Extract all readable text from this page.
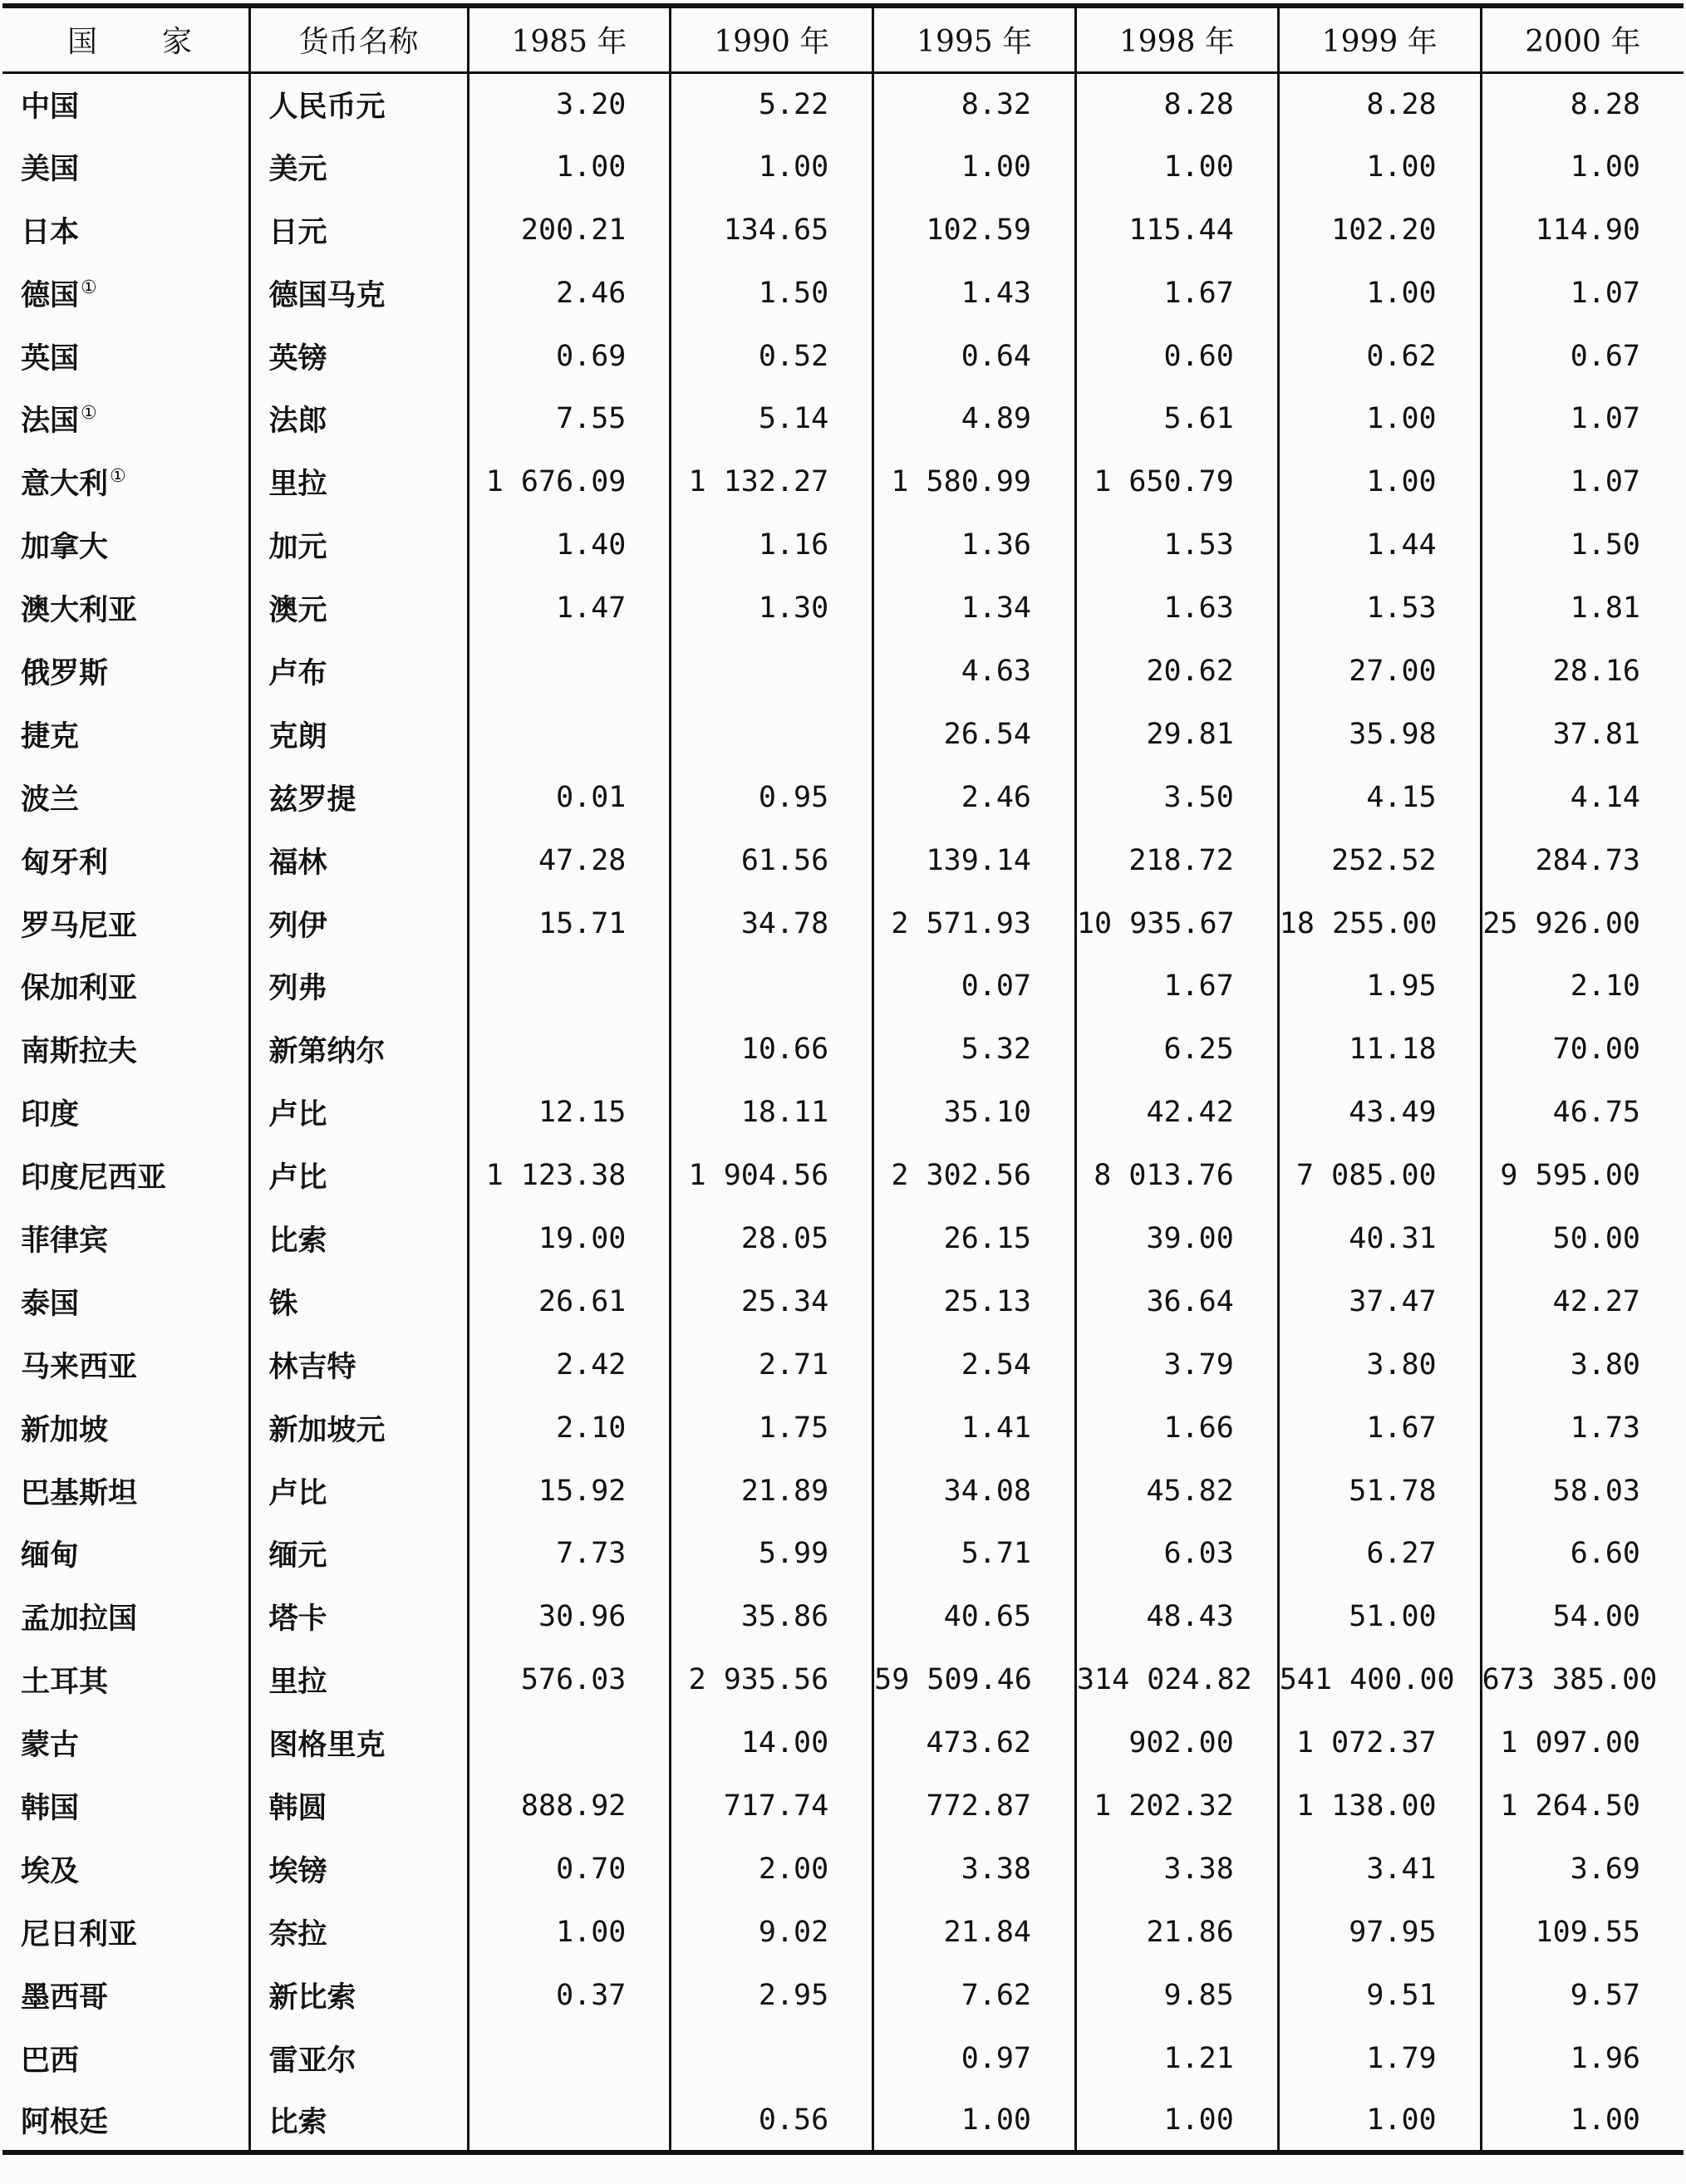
国家	货币名称	1985 年	1990 年	1995 年	1998 年	1999 年	2000 年
中国	人民币元	3.20	5.22	8.32	8.28	8.28	8.28
美国	美元	1.00	1.00	1.00	1.00	1.00	1.00
日本	日元	200.21	134.65	102.59	115.44	102.20	114.90
德国①	德国马克	2.46	1.50	1.43	1.67	1.00	1.07
英国	英镑	0.69	0.52	0.64	0.60	0.62	0.67
法国①	法郎	7.55	5.14	4.89	5.61	1.00	1.07
意大利①	里拉	1 676.09	1 132.27	1 580.99	1 650.79	1.00	1.07
加拿大	加元	1.40	1.16	1.36	1.53	1.44	1.50
澳大利亚	澳元	1.47	1.30	1.34	1.63	1.53	1.81
俄罗斯	卢布			4.63	20.62	27.00	28.16
捷克	克朗			26.54	29.81	35.98	37.81
波兰	兹罗提	0.01	0.95	2.46	3.50	4.15	4.14
匈牙利	福林	47.28	61.56	139.14	218.72	252.52	284.73
罗马尼亚	列伊	15.71	34.78	2 571.93	10 935.67	18 255.00	25 926.00
保加利亚	列弗			0.07	1.67	1.95	2.10
南斯拉夫	新第纳尔		10.66	5.32	6.25	11.18	70.00
印度	卢比	12.15	18.11	35.10	42.42	43.49	46.75
印度尼西亚	卢比	1 123.38	1 904.56	2 302.56	8 013.76	7 085.00	9 595.00
菲律宾	比索	19.00	28.05	26.15	39.00	40.31	50.00
泰国	铢	26.61	25.34	25.13	36.64	37.47	42.27
马来西亚	林吉特	2.42	2.71	2.54	3.79	3.80	3.80
新加坡	新加坡元	2.10	1.75	1.41	1.66	1.67	1.73
巴基斯坦	卢比	15.92	21.89	34.08	45.82	51.78	58.03
缅甸	缅元	7.73	5.99	5.71	6.03	6.27	6.60
孟加拉国	塔卡	30.96	35.86	40.65	48.43	51.00	54.00
土耳其	里拉	576.03	2 935.56	59 509.46	314 024.82	541 400.00	673 385.00
蒙古	图格里克		14.00	473.62	902.00	1 072.37	1 097.00
韩国	韩圆	888.92	717.74	772.87	1 202.32	1 138.00	1 264.50
埃及	埃镑	0.70	2.00	3.38	3.38	3.41	3.69
尼日利亚	奈拉	1.00	9.02	21.84	21.86	97.95	109.55
墨西哥	新比索	0.37	2.95	7.62	9.85	9.51	9.57
巴西	雷亚尔			0.97	1.21	1.79	1.96
阿根廷	比索		0.56	1.00	1.00	1.00	1.00
